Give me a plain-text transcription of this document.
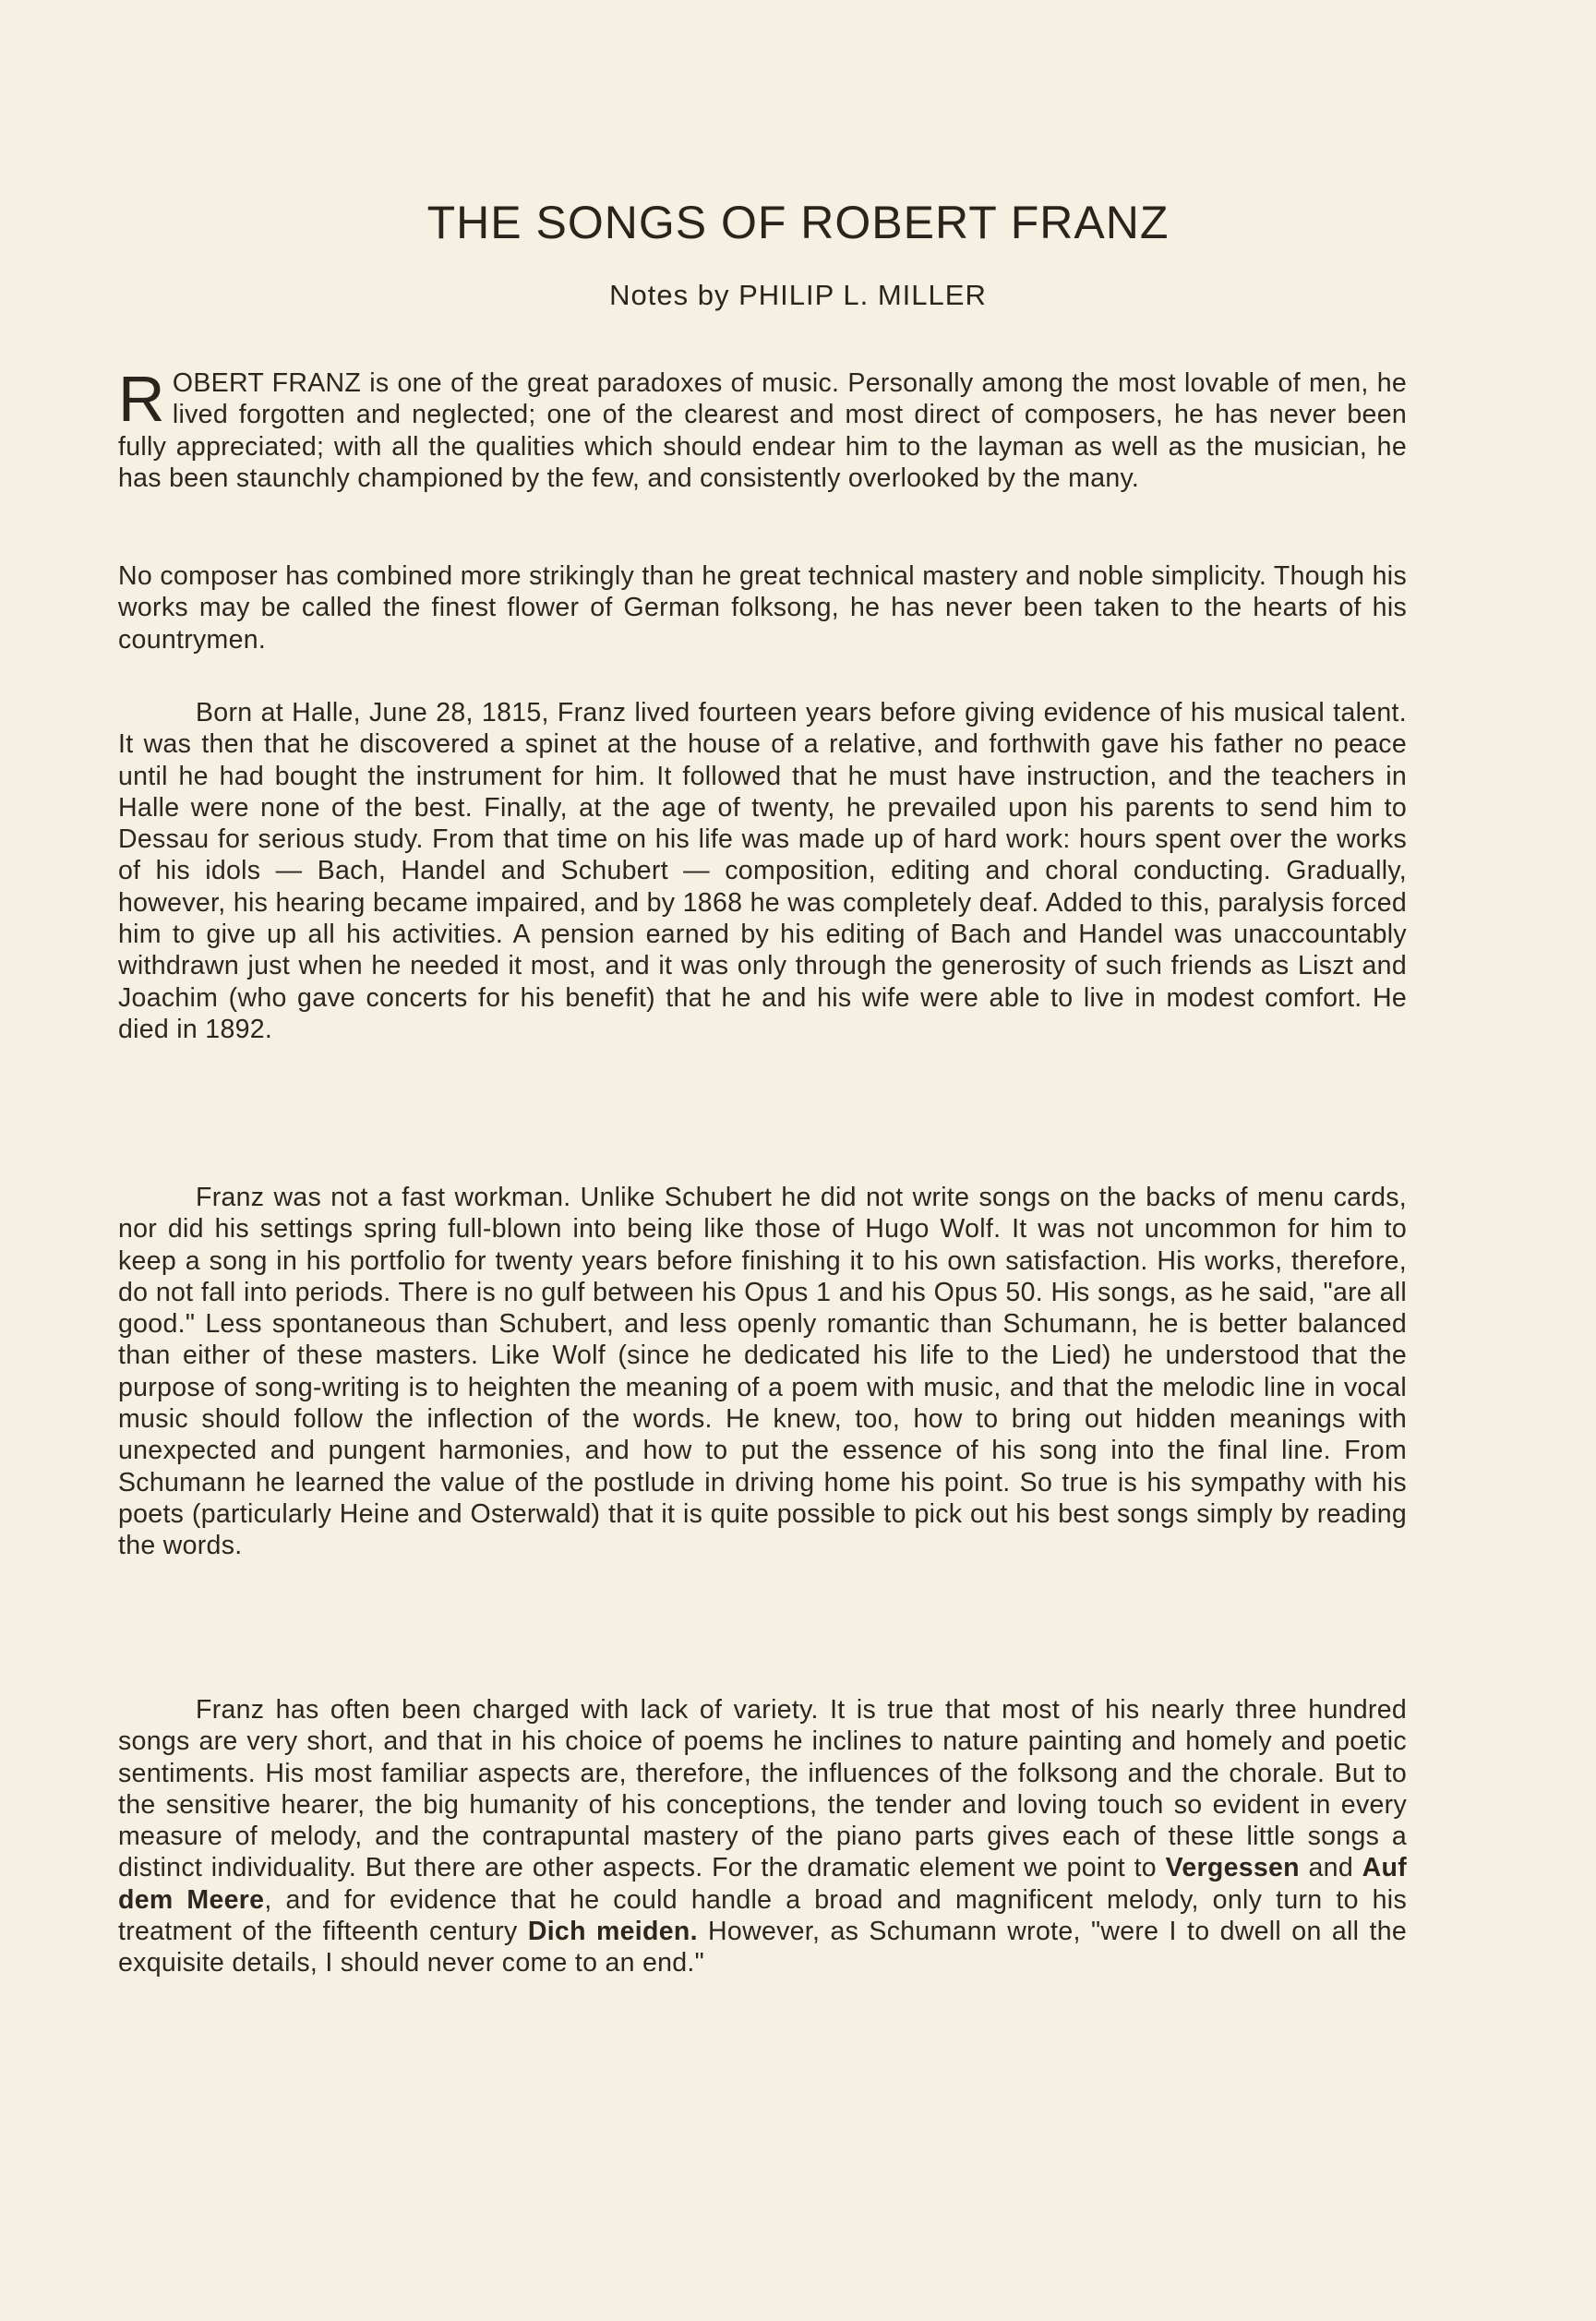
THE SONGS OF ROBERT FRANZ
Notes by PHILIP L. MILLER
R OBERT FRANZ is one of the great paradoxes of music. Personally among the most lovable of men, he lived forgotten and neglected; one of the clearest and most direct of composers, he has never been fully appreciated; with all the qualities which should endear him to the layman as well as the musician, he has been staunchly championed by the few, and consistently overlooked by the many.

No composer has combined more strikingly than he great technical mastery and noble simplicity. Though his works may be called the finest flower of German folksong, he has never been taken to the hearts of his countrymen.

Born at Halle, June 28, 1815, Franz lived fourteen years before giving evidence of his musical talent. It was then that he discovered a spinet at the house of a relative, and forthwith gave his father no peace until he had bought the instrument for him. It followed that he must have instruction, and the teachers in Halle were none of the best. Finally, at the age of twenty, he prevailed upon his parents to send him to Dessau for serious study. From that time on his life was made up of hard work: hours spent over the works of his idols — Bach, Handel and Schubert — composition, editing and choral conducting. Gradually, however, his hearing became impaired, and by 1868 he was completely deaf. Added to this, paralysis forced him to give up all his activities. A pension earned by his editing of Bach and Handel was unaccountably withdrawn just when he needed it most, and it was only through the generosity of such friends as Liszt and Joachim (who gave concerts for his benefit) that he and his wife were able to live in modest comfort. He died in 1892.

Franz was not a fast workman. Unlike Schubert he did not write songs on the backs of menu cards, nor did his settings spring full-blown into being like those of Hugo Wolf. It was not uncommon for him to keep a song in his portfolio for twenty years before finishing it to his own satisfaction. His works, therefore, do not fall into periods. There is no gulf between his Opus 1 and his Opus 50. His songs, as he said, "are all good." Less spontaneous than Schubert, and less openly romantic than Schumann, he is better balanced than either of these masters. Like Wolf (since he dedicated his life to the Lied) he understood that the purpose of song-writing is to heighten the meaning of a poem with music, and that the melodic line in vocal music should follow the inflection of the words. He knew, too, how to bring out hidden meanings with unexpected and pungent harmonies, and how to put the essence of his song into the final line. From Schumann he learned the value of the postlude in driving home his point. So true is his sympathy with his poets (particularly Heine and Osterwald) that it is quite possible to pick out his best songs simply by reading the words.

Franz has often been charged with lack of variety. It is true that most of his nearly three hundred songs are very short, and that in his choice of poems he inclines to nature painting and homely and poetic sentiments. His most familiar aspects are, therefore, the influences of the folksong and the chorale. But to the sensitive hearer, the big humanity of his conceptions, the tender and loving touch so evident in every measure of melody, and the contrapuntal mastery of the piano parts gives each of these little songs a distinct individuality. But there are other aspects. For the dramatic element we point to Vergessen and Auf dem Meere, and for evidence that he could handle a broad and magnificent melody, only turn to his treatment of the fifteenth century Dich meiden. However, as Schumann wrote, "were I to dwell on all the exquisite details, I should never come to an end."
